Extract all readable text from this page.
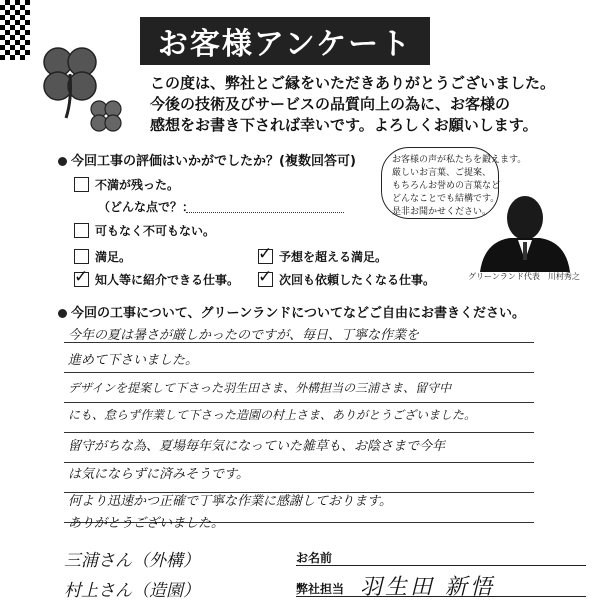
お客様アンケート
この度は、弊社とご縁をいただきありがとうございました。
今後の技術及びサービスの品質向上の為に、お客様の
感想をお書き下されば幸いです。よろしくお願いします。
今回工事の評価はいかがでしたか？(複数回答可)
不満が残った。
（どんな点で？：
可もなく不可もない。
満足。 ✓	予想を超える満足。
✓
知人等に紹介できる仕事。 ✓	次回も依頼したくなる仕事。
お客様の声が私たちを鍛えます。
厳しいお言葉、ご提案、
もちろんお誉めの言葉など
どんなことでも結構です。
是非お聞かせください。
グリーンランド代表　川村秀之
今回の工事について、グリーンランドについてなどご自由にお書きください。
今年の夏は暑さが厳しかったのですが、毎日、丁寧な作業を
進めて下さいました。
デザインを提案して下さった羽生田さま、外構担当の三浦さま、留守中
にも、怠らず作業して下さった造園の村上さま、ありがとうございました。
留守がちな為、夏場毎年気になっていた雑草も、お陰さまで今年
は気にならずに済みそうです。
何より迅速かつ正確で丁寧な作業に感謝しております。
ありがとうございました。
三浦さん（外構）
村上さん（造園）
お名前
弊社担当 羽生田 新悟
